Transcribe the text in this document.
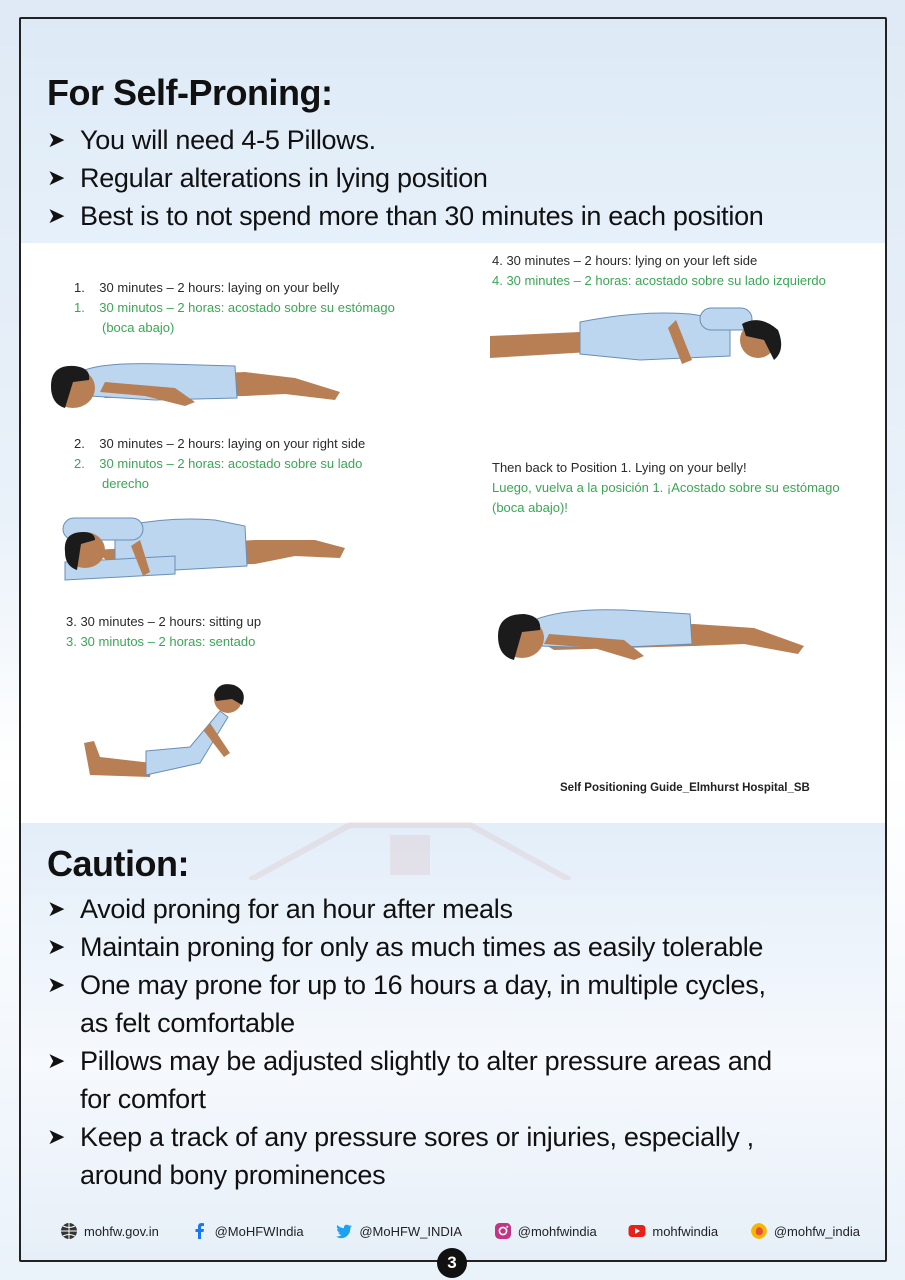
For Self-Proning:
➤ You will need 4-5 Pillows.
➤ Regular alterations in lying position
➤ Best is to not spend more than 30 minutes in each position
1. 30 minutes – 2 hours: laying on your belly
1. 30 minutos – 2 horas: acostado sobre su estómago
(boca abajo)
2. 30 minutes – 2 hours: laying on your right side
2. 30 minutos – 2 horas: acostado sobre su lado
derecho
3. 30 minutes – 2 hours: sitting up
3. 30 minutos – 2 horas: sentado
4. 30 minutes – 2 hours: lying on your left side
4. 30 minutes – 2 horas: acostado sobre su lado izquierdo
Then back to Position 1. Lying on your belly!
Luego, vuelva a la posición 1. ¡Acostado sobre su estómago
(boca abajo)!
Self Positioning Guide_Elmhurst Hospital_SB
Caution:
➤ Avoid proning for an hour after meals
➤ Maintain proning for only as much times as easily tolerable
➤ One may prone for up to 16 hours a day, in multiple cycles,
as felt comfortable
➤ Pillows may be adjusted slightly to alter pressure areas and
for comfort
➤ Keep a track of any pressure sores or injuries, especially ,
around bony prominences
mohfw.gov.in	@MoHFWIndia	@MoHFW_INDIA	@mohfwindia	mohfwindia	@mohfw_india
3
